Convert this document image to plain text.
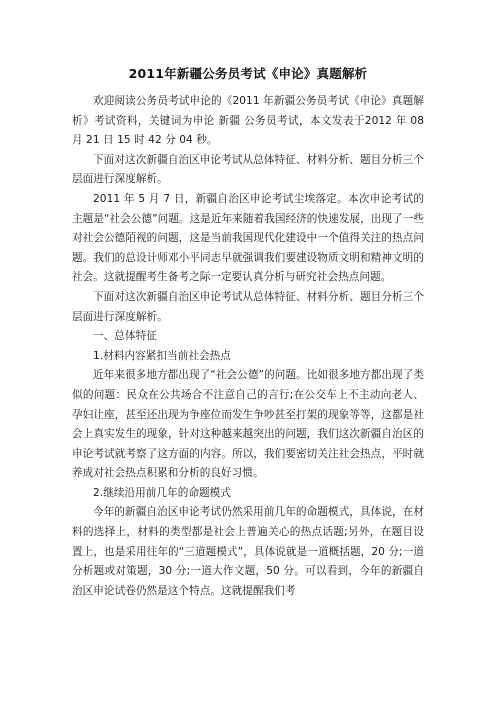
2011年新疆公务员考试《申论》真题解析

欢迎阅读公务员考试申论的《2011 年新疆公务员考试《申论》真题解析》考试资料，关键词为申论 新疆 公务员考试，本文发表于2012 年 08 月 21 日 15 时 42 分 04 秒。

下面对这次新疆自治区申论考试从总体特征、材料分析、题目分析三个层面进行深度解析。

2011 年 5 月 7 日，新疆自治区申论考试尘埃落定。本次申论考试的主题是“社会公德”问题。这是近年来随着我国经济的快速发展，出现了一些对社会公德陌视的问题，这是当前我国现代化建设中一个值得关注的热点问题。我们的总设计师邓小平同志早就强调我们要建设物质文明和精神文明的社会。这就提醒考生备考之际一定要认真分析与研究社会热点问题。

下面对这次新疆自治区申论考试从总体特征、材料分析、题目分析三个层面进行深度解析。

一、总体特征

1.材料内容紧扣当前社会热点

近年来很多地方都出现了“社会公德”的问题。比如很多地方都出现了类似的问题：民众在公共场合不注意自己的言行;在公交车上不主动向老人、孕妇让座，甚至还出现为争座位而发生争吵甚至打架的现象等等，这都是社会上真实发生的现象，针对这种越来越突出的问题，我们这次新疆自治区的申论考试就考察了这方面的内容。所以，我们要密切关注社会热点，平时就养成对社会热点积累和分析的良好习惯。

2.继续沿用前几年的命题模式

今年的新疆自治区申论考试仍然采用前几年的命题模式，具体说，在材料的选择上，材料的类型都是社会上普遍关心的热点话题;另外，在题目设置上，也是采用往年的“三道题模式”，具体说就是一道概括题，20 分;一道分析题或对策题，30 分;一道大作文题，50 分。可以看到，今年的新疆自治区申论试卷仍然是这个特点。这就提醒我们考
